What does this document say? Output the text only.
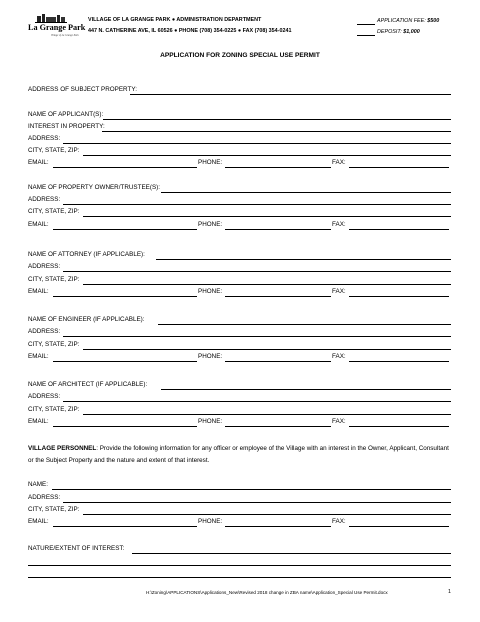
La Grange Park
Village of La Grange Park
VILLAGE OF LA GRANGE PARK ● ADMINISTRATION DEPARTMENT
447 N. CATHERINE AVE, IL 60526 ● PHONE (708) 354-0225 ● FAX (708) 354-0241
APPLICATION FEE: $500
DEPOSIT: $1,000
APPLICATION FOR ZONING SPECIAL USE PERMIT
ADDRESS OF SUBJECT PROPERTY:
NAME OF APPLICANT(S):
INTEREST IN PROPERTY:
ADDRESS:
CITY, STATE, ZIP:
EMAIL:	PHONE:	FAX:
NAME OF PROPERTY OWNER/TRUSTEE(S):
ADDRESS:
CITY, STATE, ZIP:
EMAIL:	PHONE:	FAX:
NAME OF ATTORNEY (IF APPLICABLE):
ADDRESS:
CITY, STATE, ZIP:
EMAIL:	PHONE:	FAX:
NAME OF ENGINEER (IF APPLICABLE):
ADDRESS:
CITY, STATE, ZIP:
EMAIL:	PHONE:	FAX:
NAME OF ARCHITECT (IF APPLICABLE):
ADDRESS:
CITY, STATE, ZIP:
EMAIL:	PHONE:	FAX:
VILLAGE PERSONNEL: Provide the following information for any officer or employee of the Village with an interest in the Owner, Applicant, Consultant or the Subject Property and the nature and extent of that interest.
NAME:
ADDRESS:
CITY, STATE, ZIP:
EMAIL:	PHONE:	FAX:
NATURE/EXTENT OF INTEREST:
H:\Zoning\APPLICATIONS\Applications_New\Revised 2018 change in ZBA name\Application_Special Use Permit.docx	1
